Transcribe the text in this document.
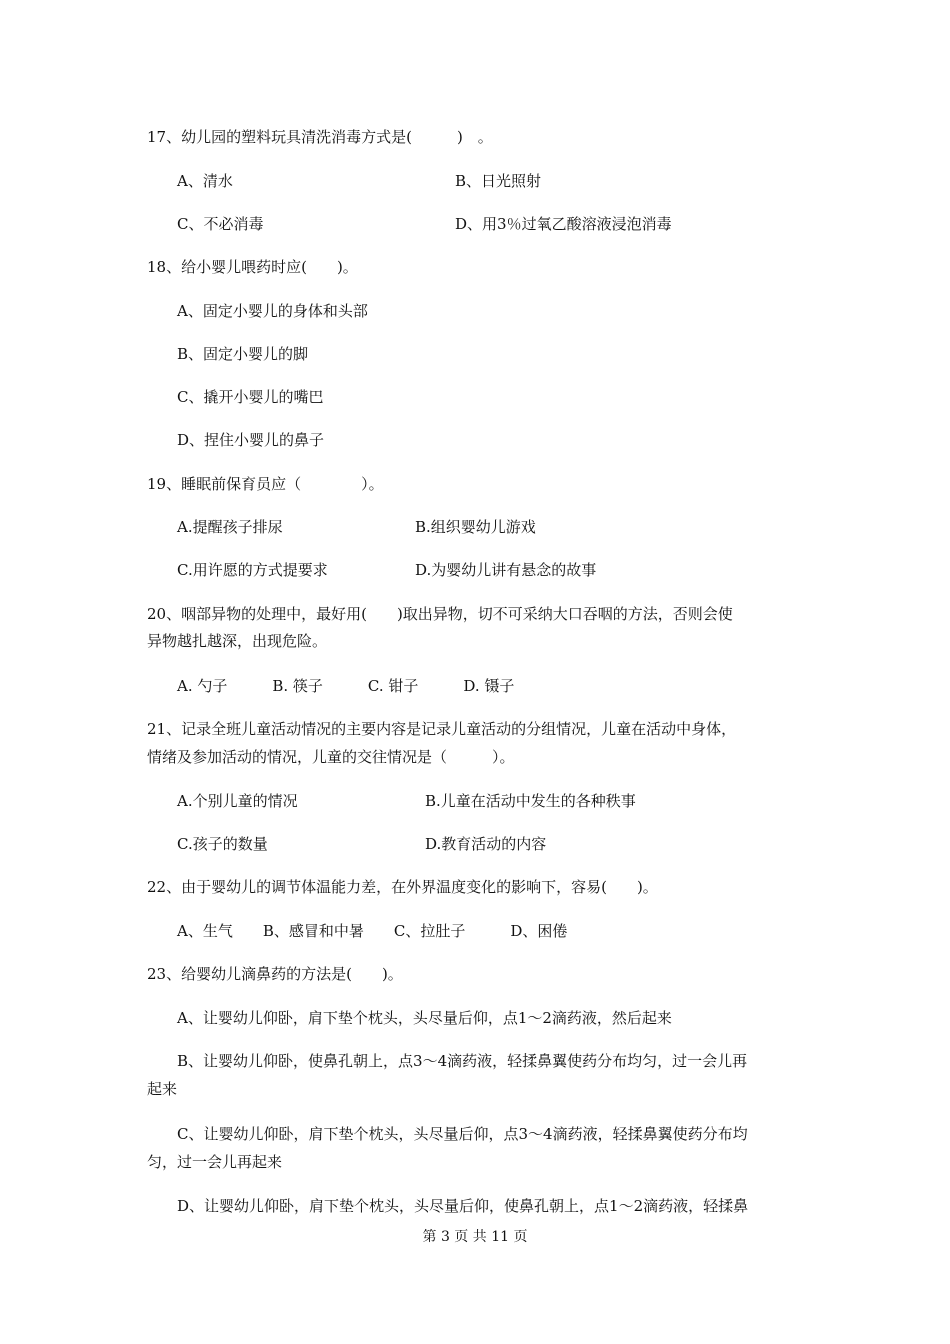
17、幼儿园的塑料玩具清洗消毒方式是(　　　)　。
A、清水	B、日光照射
C、不必消毒	D、用3％过氧乙酸溶液浸泡消毒
18、给小婴儿喂药时应(　　)。
A、固定小婴儿的身体和头部
B、固定小婴儿的脚
C、撬开小婴儿的嘴巴
D、捏住小婴儿的鼻子
19、睡眠前保育员应（　　　　）。
A.提醒孩子排尿	B.组织婴幼儿游戏
C.用许愿的方式提要求	D.为婴幼儿讲有悬念的故事
20、咽部异物的处理中，最好用(　　)取出异物，切不可采纳大口吞咽的方法，否则会使
异物越扎越深，出现危险。
A. 勺子　　　B. 筷子　　　C. 钳子　　　D. 镊子
21、记录全班儿童活动情况的主要内容是记录儿童活动的分组情况，儿童在活动中身体，
情绪及参加活动的情况，儿童的交往情况是（　　　）。
A.个别儿童的情况	B.儿童在活动中发生的各种秩事
C.孩子的数量	D.教育活动的内容
22、由于婴幼儿的调节体温能力差，在外界温度变化的影响下，容易(　　)。
A、生气　　B、感冒和中暑　　C、拉肚子　　　D、困倦
23、给婴幼儿滴鼻药的方法是(　　)。
A、让婴幼儿仰卧，肩下垫个枕头，头尽量后仰，点1～2滴药液，然后起来
B、让婴幼儿仰卧，使鼻孔朝上，点3～4滴药液，轻揉鼻翼使药分布均匀，过一会儿再
起来
C、让婴幼儿仰卧，肩下垫个枕头，头尽量后仰，点3～4滴药液，轻揉鼻翼使药分布均
匀，过一会儿再起来
D、让婴幼儿仰卧，肩下垫个枕头，头尽量后仰，使鼻孔朝上，点1～2滴药液，轻揉鼻
第 3 页 共 11 页
